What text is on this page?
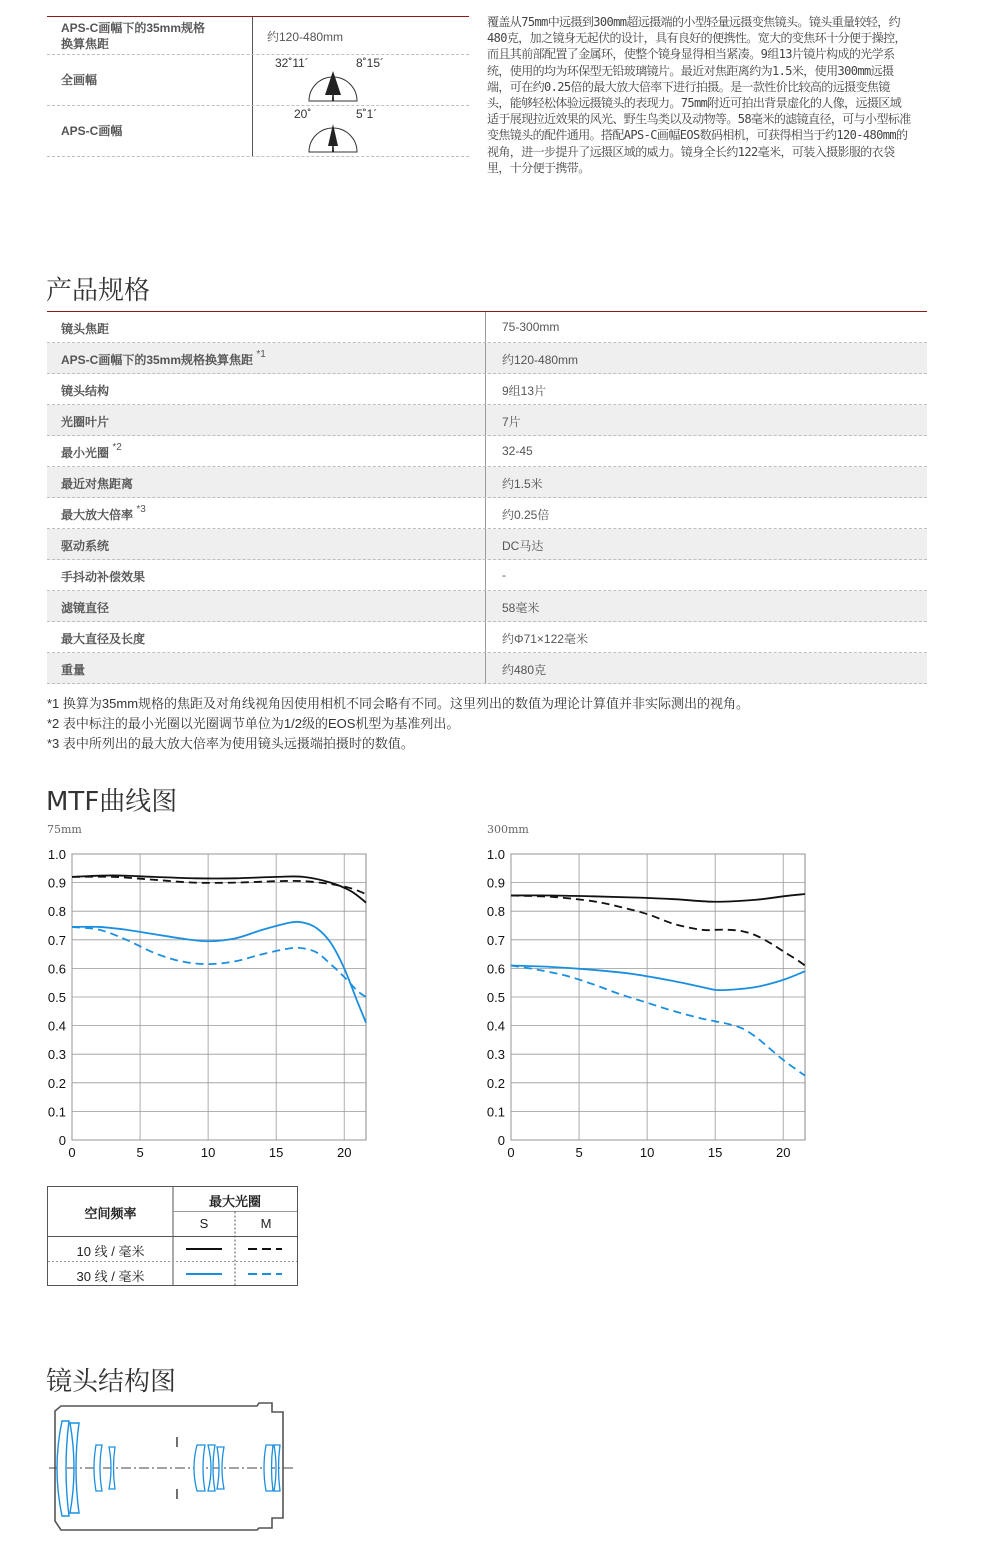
APS-C画幅下的35mm规格换算焦距	约120-480mm
全画幅
32˚11´	8˚15´
APS-C画幅
20˚	5˚1´
覆盖从75mm中远摄到300mm超远摄端的小型轻量远摄变焦镜头。镜头重量较轻，约480克，加之镜身无起伏的设计，具有良好的便携性。宽大的变焦环十分便于操控，而且其前部配置了金属环，使整个镜身显得相当紧凑。9组13片镜片构成的光学系统，使用的均为环保型无铅玻璃镜片。最近对焦距离约为1.5米，使用300mm远摄端，可在约0.25倍的最大放大倍率下进行拍摄。是一款性价比较高的远摄变焦镜头，能够轻松体验远摄镜头的表现力。75mm附近可拍出背景虚化的人像，远摄区域适于展现拉近效果的风光、野生鸟类以及动物等。58毫米的滤镜直径，可与小型标准变焦镜头的配件通用。搭配APS-C画幅EOS数码相机，可获得相当于约120-480mm的视角，进一步提升了远摄区域的威力。镜身全长约122毫米，可装入摄影服的衣袋里，十分便于携带。
产品规格
镜头焦距	75-300mm
APS-C画幅下的35mm规格换算焦距 $^{*1}$	约120-480mm
镜头结构	9组13片
光圈叶片	7片
最小光圈 $^{*2}$	32-45
最近对焦距离	约1.5米
最大放大倍率 $^{*3}$	约0.25倍
驱动系统	DC马达
手抖动补偿效果	-
滤镜直径	58毫米
最大直径及长度	约Φ71×122毫米
重量	约480克
*1 换算为35mm规格的焦距及对角线视角因使用相机不同会略有不同。这里列出的数值为理论计算值并非实际测出的视角。
*2 表中标注的最小光圈以光圈调节单位为1/2级的EOS机型为基准列出。
*3 表中所列出的最大放大倍率为使用镜头远摄端拍摄时的数值。
MTF曲线图
75mm
0
0.1
0.2
0.3
0.4
0.5
0.6
0.7
0.8
0.9
1.0
0	5	10	15	20
300mm
0
0.1
0.2
0.3
0.4
0.5
0.6
0.7
0.8
0.9
1.0
0	5	10	15	20
空间频率
最大光圈
S	M
10 线 / 毫米
30 线 / 毫米
镜头结构图
